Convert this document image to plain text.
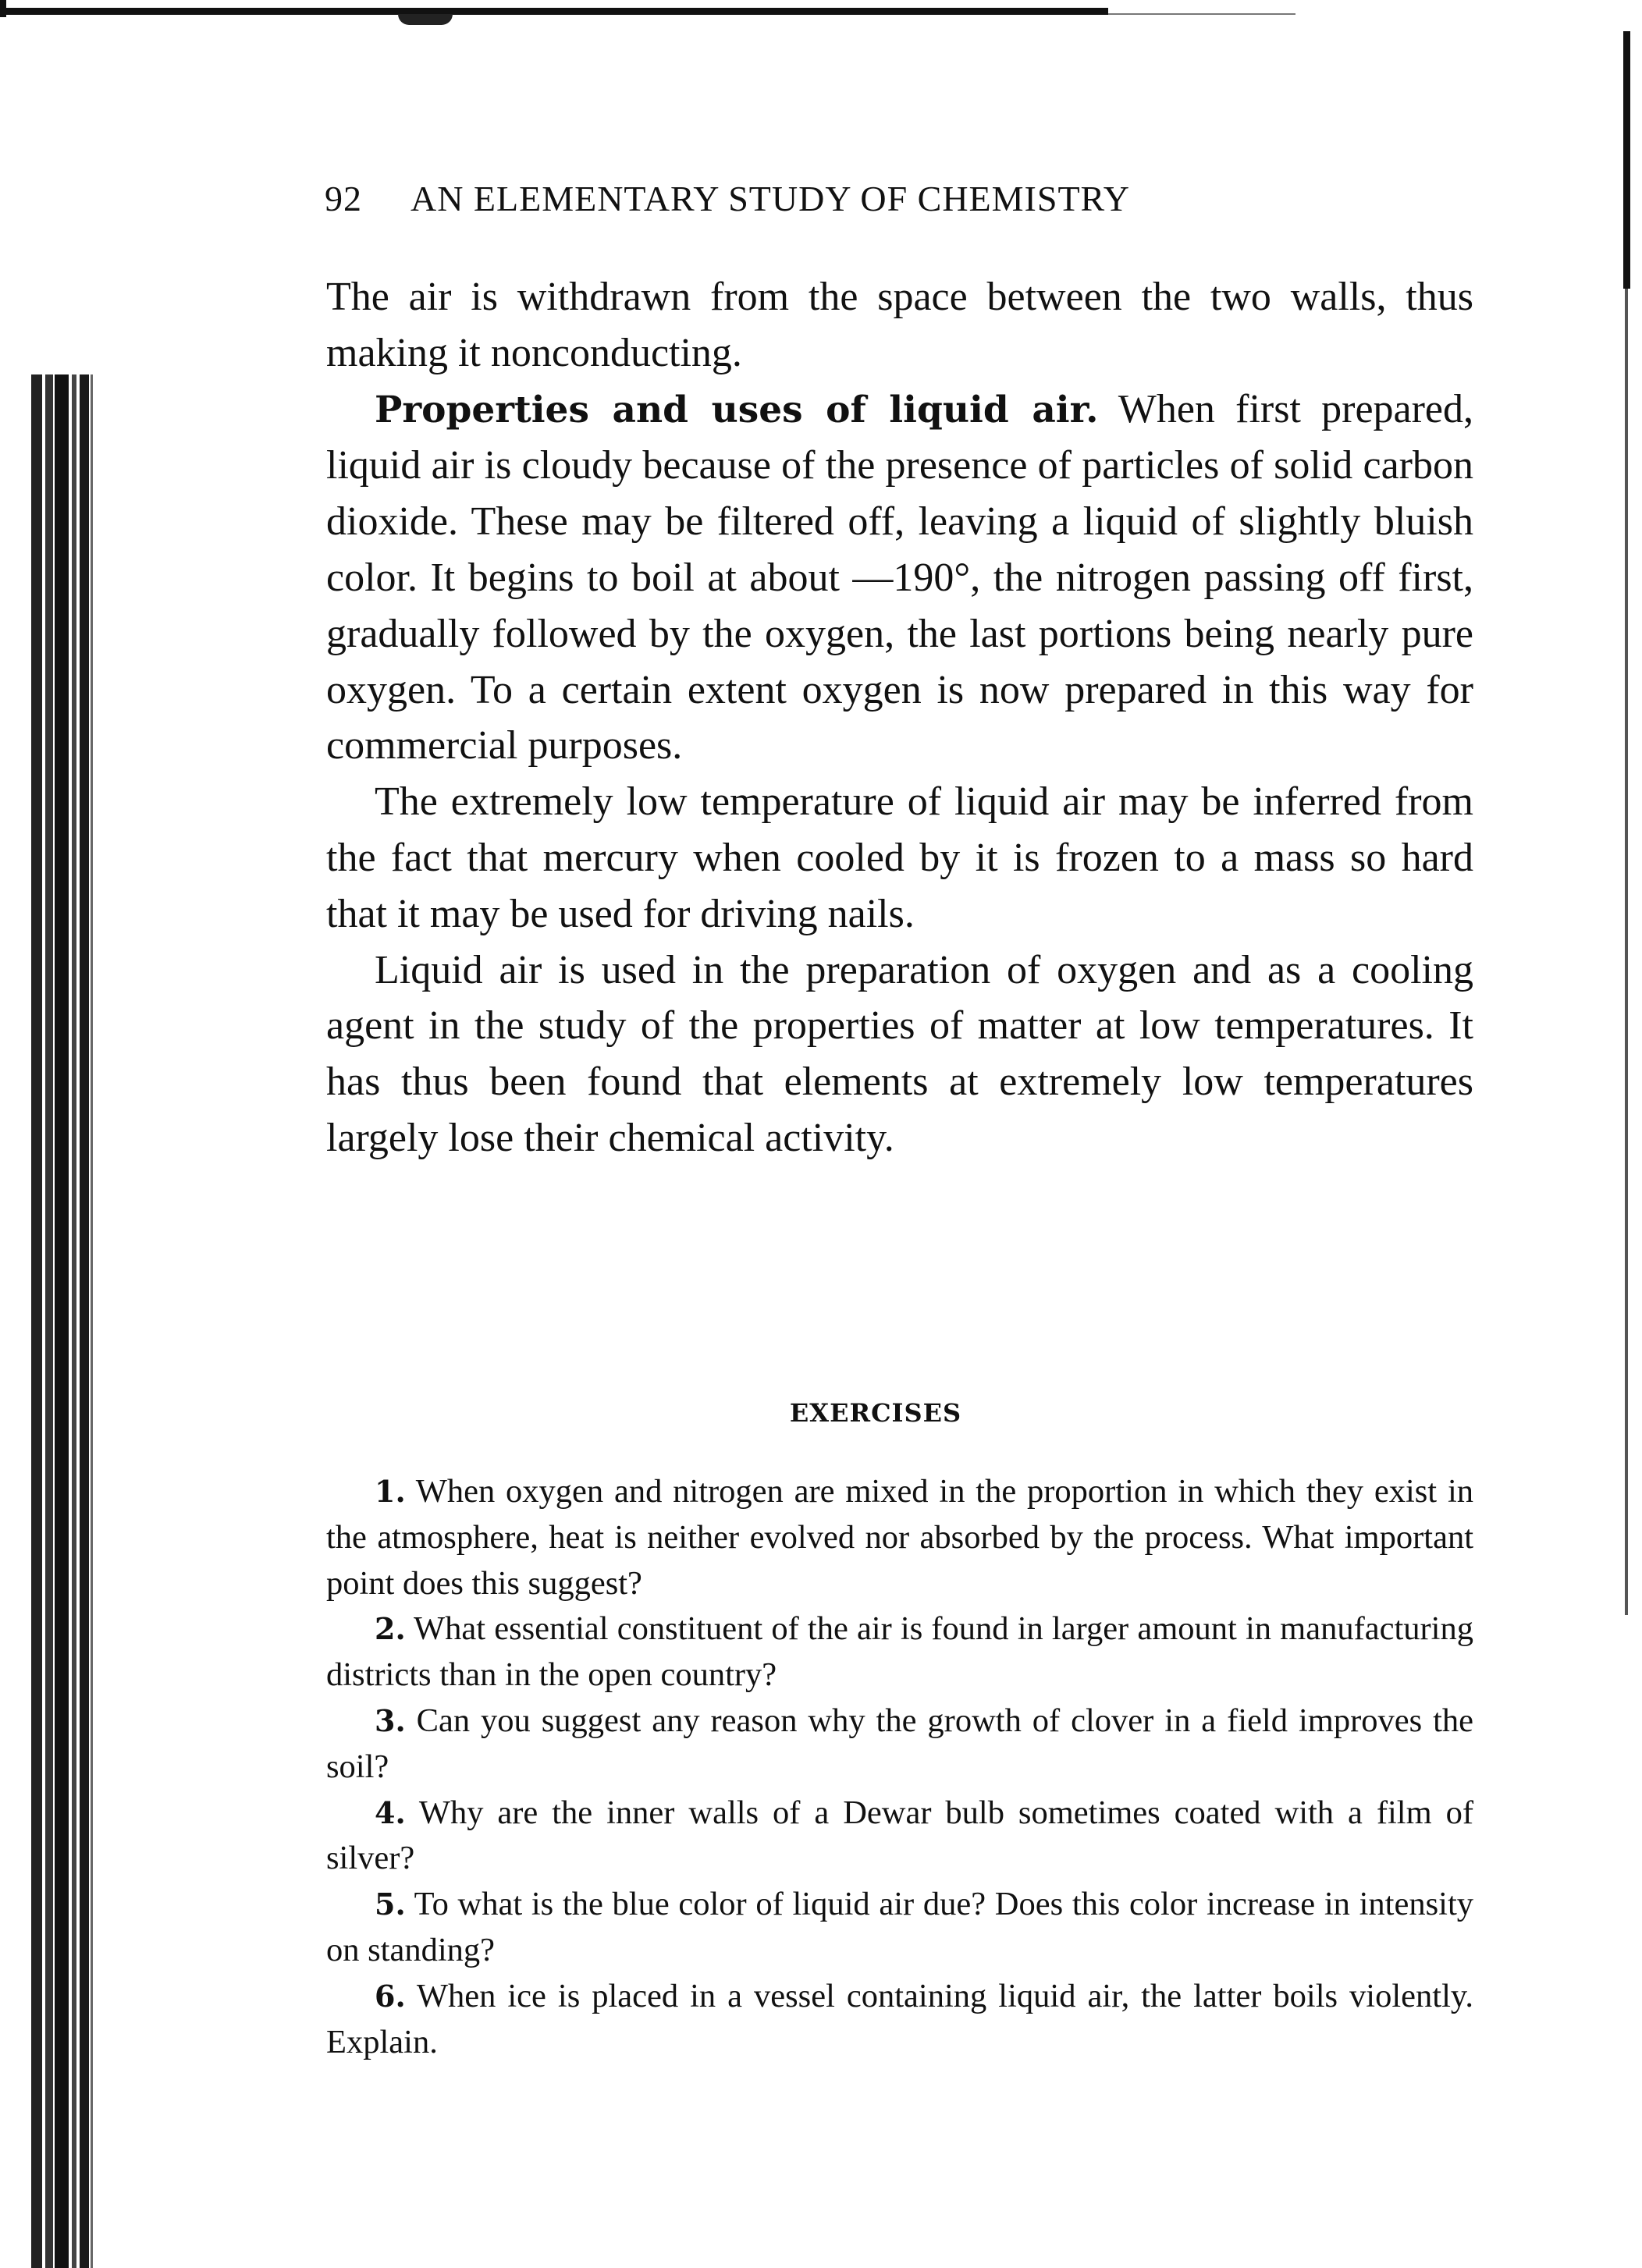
92 AN ELEMENTARY STUDY OF CHEMISTRY

The air is withdrawn from the space between the two walls, thus making it nonconducting.

Properties and uses of liquid air. When first prepared, liquid air is cloudy because of the presence of particles of solid carbon dioxide. These may be filtered off, leaving a liquid of slightly bluish color. It begins to boil at about —190°, the nitrogen passing off first, gradually followed by the oxygen, the last portions being nearly pure oxygen. To a certain extent oxygen is now prepared in this way for commercial purposes.

The extremely low temperature of liquid air may be inferred from the fact that mercury when cooled by it is frozen to a mass so hard that it may be used for driving nails.

Liquid air is used in the preparation of oxygen and as a cooling agent in the study of the properties of matter at low temperatures. It has thus been found that elements at extremely low temperatures largely lose their chemical activity.

EXERCISES

1. When oxygen and nitrogen are mixed in the proportion in which they exist in the atmosphere, heat is neither evolved nor absorbed by the process. What important point does this suggest?

2. What essential constituent of the air is found in larger amount in manufacturing districts than in the open country?

3. Can you suggest any reason why the growth of clover in a field improves the soil?

4. Why are the inner walls of a Dewar bulb sometimes coated with a film of silver?

5. To what is the blue color of liquid air due? Does this color increase in intensity on standing?

6. When ice is placed in a vessel containing liquid air, the latter boils violently. Explain.
